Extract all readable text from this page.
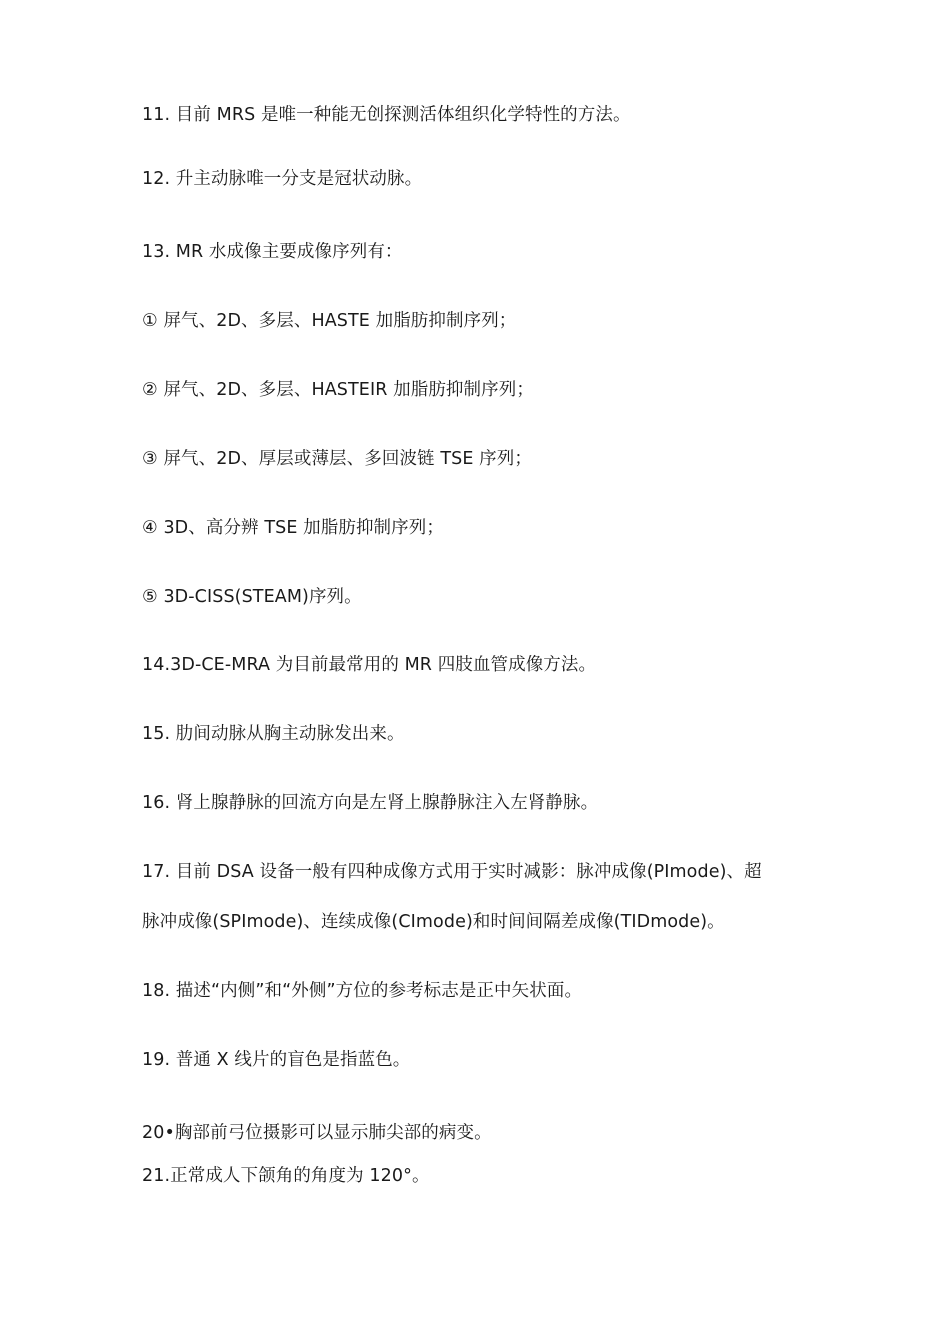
11. 目前 MRS 是唯一种能无创探测活体组织化学特性的方法。
12. 升主动脉唯一分支是冠状动脉。
13. MR 水成像主要成像序列有：
① 屏气、2D、多层、HASTE 加脂肪抑制序列；
② 屏气、2D、多层、HASTEIR 加脂肪抑制序列；
③ 屏气、2D、厚层或薄层、多回波链 TSE 序列；
④ 3D、高分辨 TSE 加脂肪抑制序列；
⑤ 3D-CISS(STEAM)序列。
14.3D-CE-MRA 为目前最常用的 MR 四肢血管成像方法。
15. 肋间动脉从胸主动脉发出来。
16. 肾上腺静脉的回流方向是左肾上腺静脉注入左肾静脉。
17. 目前 DSA 设备一般有四种成像方式用于实时减影：脉冲成像(PImode)、超
脉冲成像(SPImode)、连续成像(CImode)和时间间隔差成像(TIDmode)。
18. 描述“内侧”和“外侧”方位的参考标志是正中矢状面。
19. 普通 X 线片的盲色是指蓝色。
20•胸部前弓位摄影可以显示肺尖部的病变。
21.正常成人下颌角的角度为 120°。
